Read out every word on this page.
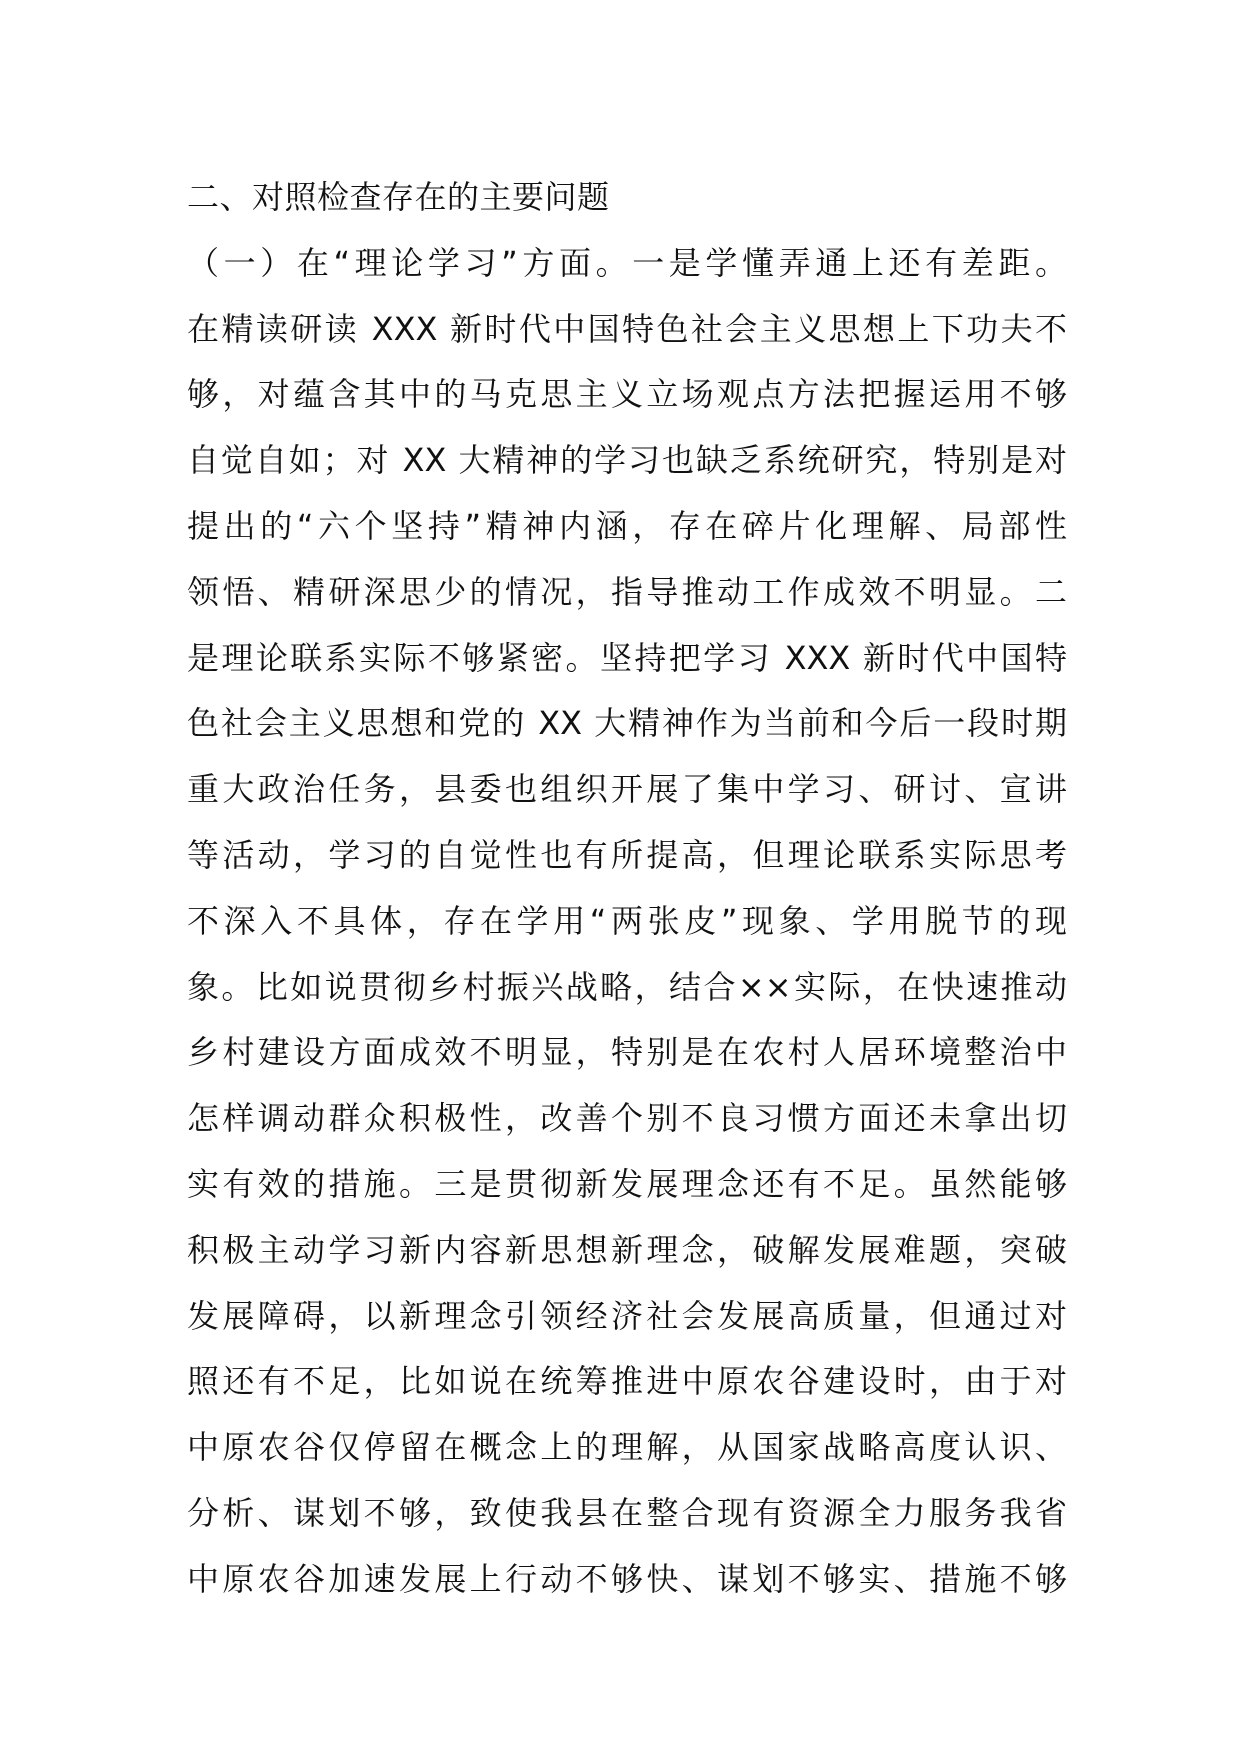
二、对照检查存在的主要问题
（一）在“理论学习”方面。一是学懂弄通上还有差距。
在精读研读 XXX 新时代中国特色社会主义思想上下功夫不
够，对蕴含其中的马克思主义立场观点方法把握运用不够
自觉自如；对 XX 大精神的学习也缺乏系统研究，特别是对
提出的“六个坚持”精神内涵，存在碎片化理解、局部性
领悟、精研深思少的情况，指导推动工作成效不明显。二
是理论联系实际不够紧密。坚持把学习 XXX 新时代中国特
色社会主义思想和党的 XX 大精神作为当前和今后一段时期
重大政治任务，县委也组织开展了集中学习、研讨、宣讲
等活动，学习的自觉性也有所提高，但理论联系实际思考
不深入不具体，存在学用“两张皮”现象、学用脱节的现
象。比如说贯彻乡村振兴战略，结合××实际，在快速推动
乡村建设方面成效不明显，特别是在农村人居环境整治中
怎样调动群众积极性，改善个别不良习惯方面还未拿出切
实有效的措施。三是贯彻新发展理念还有不足。虽然能够
积极主动学习新内容新思想新理念，破解发展难题，突破
发展障碍，以新理念引领经济社会发展高质量，但通过对
照还有不足，比如说在统筹推进中原农谷建设时，由于对
中原农谷仅停留在概念上的理解，从国家战略高度认识、
分析、谋划不够，致使我县在整合现有资源全力服务我省
中原农谷加速发展上行动不够快、谋划不够实、措施不够
